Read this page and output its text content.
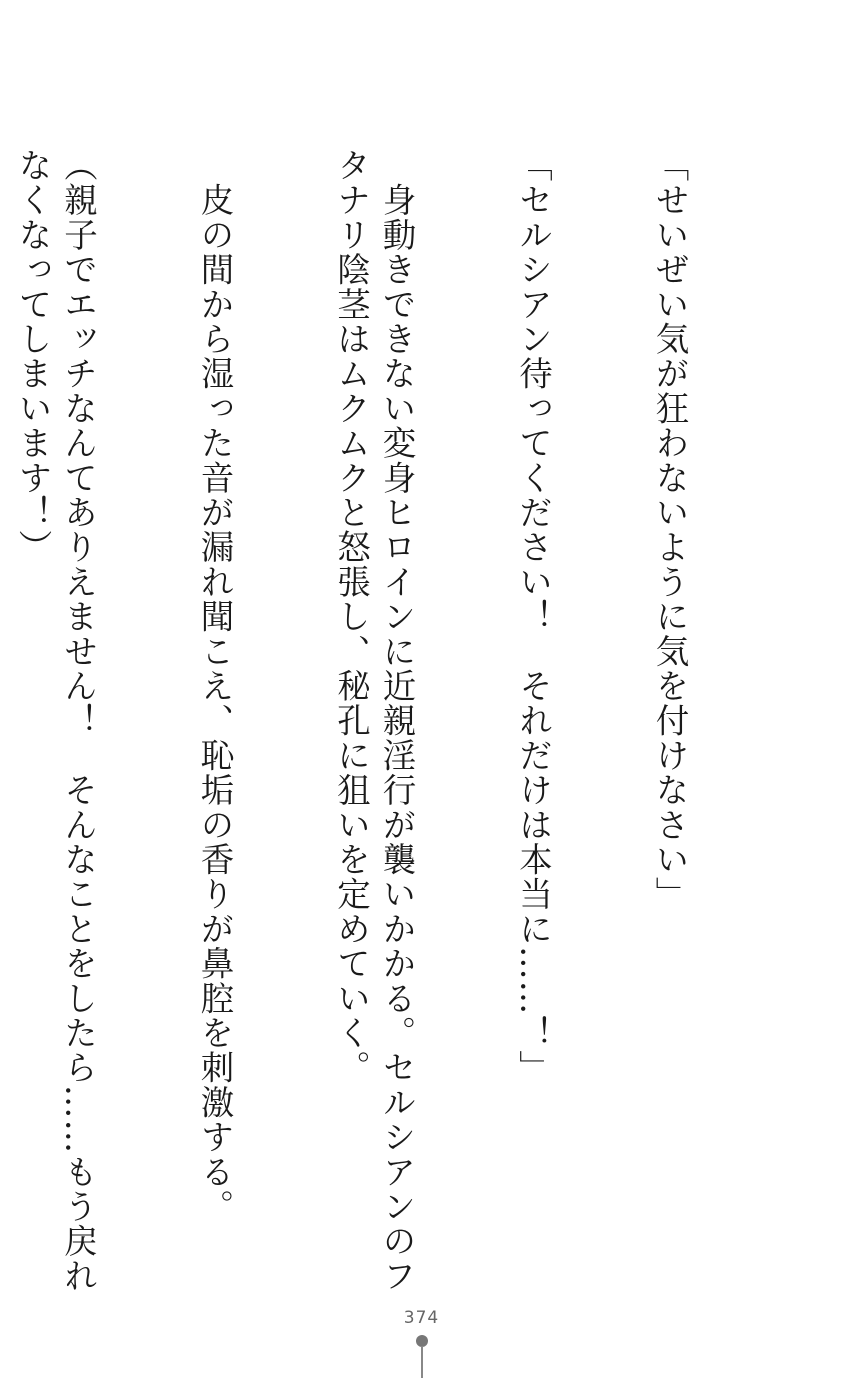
「せいぜい気が狂わないように気を付けなさい」

「セルシアン待ってください！　それだけは本当に……！」

　身動きできない変身ヒロインに近親淫行が襲いかかる。セルシアンのフタナリ陰茎はムクムクと怒張し、秘孔に狙いを定めていく。

　皮の間から湿った音が漏れ聞こえ、恥垢の香りが鼻腔を刺激する。

（親子でエッチなんてありえません！　そんなことをしたら……もう戻れなくなってしまいます！）

374
